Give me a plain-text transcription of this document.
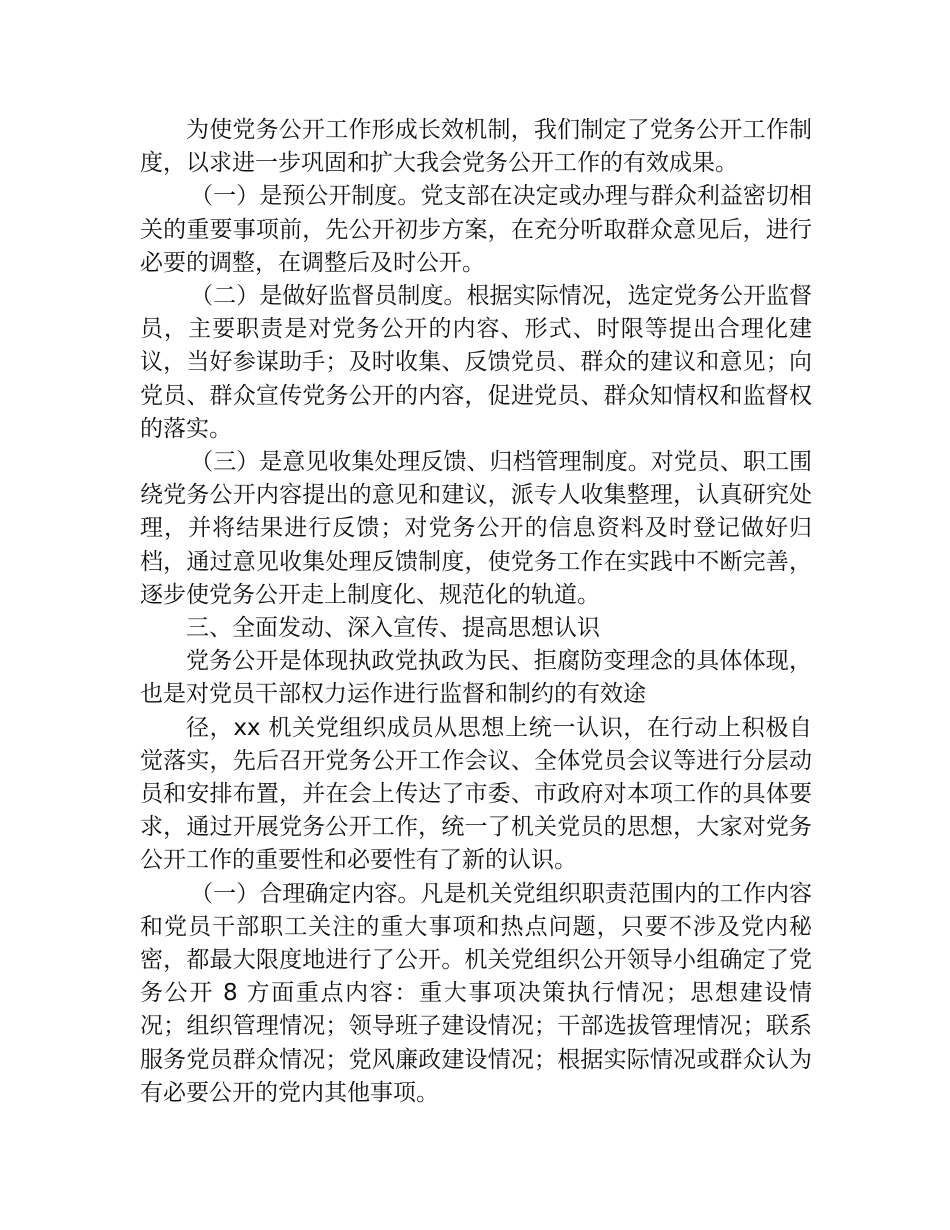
为使党务公开工作形成长效机制，我们制定了党务公开工作制度，以求进一步巩固和扩大我会党务公开工作的有效成果。

（一）是预公开制度。党支部在决定或办理与群众利益密切相关的重要事项前，先公开初步方案，在充分听取群众意见后，进行必要的调整，在调整后及时公开。

（二）是做好监督员制度。根据实际情况，选定党务公开监督员，主要职责是对党务公开的内容、形式、时限等提出合理化建议，当好参谋助手；及时收集、反馈党员、群众的建议和意见；向党员、群众宣传党务公开的内容，促进党员、群众知情权和监督权的落实。

（三）是意见收集处理反馈、归档管理制度。对党员、职工围绕党务公开内容提出的意见和建议，派专人收集整理，认真研究处理，并将结果进行反馈；对党务公开的信息资料及时登记做好归档，通过意见收集处理反馈制度，使党务工作在实践中不断完善，逐步使党务公开走上制度化、规范化的轨道。

三、全面发动、深入宣传、提高思想认识

党务公开是体现执政党执政为民、拒腐防变理念的具体体现，也是对党员干部权力运作进行监督和制约的有效途

径，xx 机关党组织成员从思想上统一认识，在行动上积极自觉落实，先后召开党务公开工作会议、全体党员会议等进行分层动员和安排布置，并在会上传达了市委、市政府对本项工作的具体要求，通过开展党务公开工作，统一了机关党员的思想，大家对党务公开工作的重要性和必要性有了新的认识。

（一）合理确定内容。凡是机关党组织职责范围内的工作内容和党员干部职工关注的重大事项和热点问题，只要不涉及党内秘密，都最大限度地进行了公开。机关党组织公开领导小组确定了党务公开 8 方面重点内容：重大事项决策执行情况；思想建设情况；组织管理情况；领导班子建设情况；干部选拔管理情况；联系服务党员群众情况；党风廉政建设情况；根据实际情况或群众认为有必要公开的党内其他事项。
